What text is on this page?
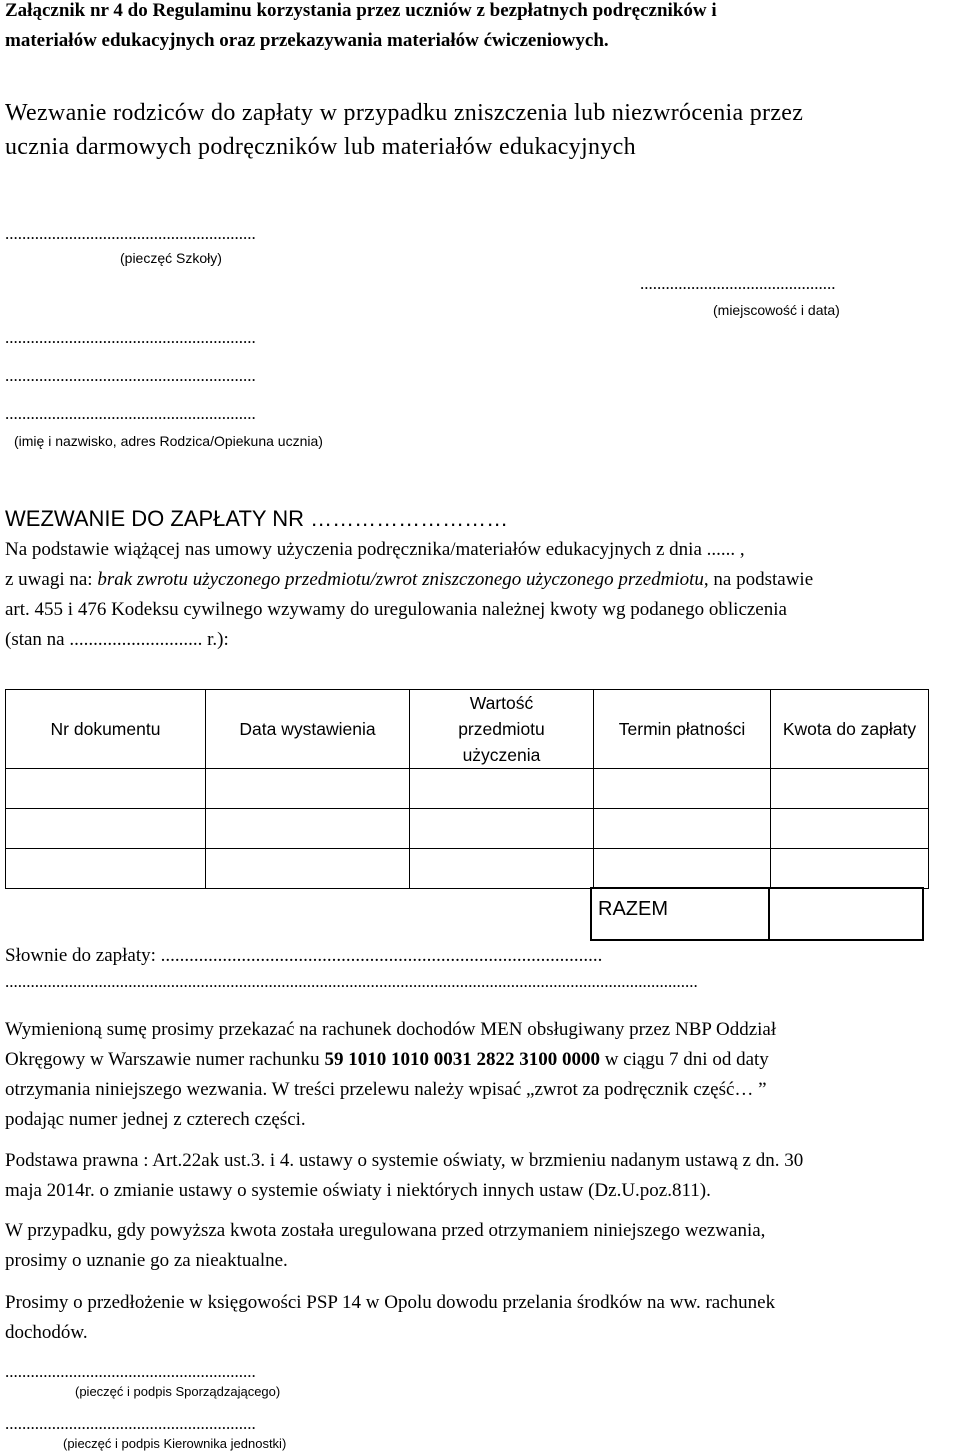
Załącznik nr 4 do Regulaminu korzystania przez uczniów z bezpłatnych podręczników i
materiałów edukacyjnych oraz przekazywania materiałów ćwiczeniowych.
Wezwanie rodziców do zapłaty w przypadku zniszczenia lub niezwrócenia przez
ucznia darmowych podręczników lub materiałów edukacyjnych
...........................................................
(pieczęć Szkoły)
..............................................
(miejscowość i data)
...........................................................
...........................................................
...........................................................
(imię i nazwisko, adres Rodzica/Opiekuna ucznia)
WEZWANIE DO ZAPŁATY NR ………………………
Na podstawie wiążącej nas umowy użyczenia podręcznika/materiałów edukacyjnych z dnia ...... ,
z uwagi na: brak zwrotu użyczonego przedmiotu/zwrot zniszczonego użyczonego przedmiotu, na podstawie
art. 455 i 476 Kodeksu cywilnego wzywamy do uregulowania należnej kwoty wg podanego obliczenia
(stan na ............................ r.):
Nr dokumentu	Data wystawienia	Wartość przedmiotu użyczenia	Termin płatności	Kwota do zapłaty

RAZEM
Słownie do zapłaty: .............................................................................................
...................................................................................................................................................................
Wymienioną sumę prosimy przekazać na rachunek dochodów MEN obsługiwany przez NBP Oddział
Okręgowy w Warszawie numer rachunku 59 1010 1010 0031 2822 3100 0000 w ciągu 7 dni od daty
otrzymania niniejszego wezwania. W treści przelewu należy wpisać „zwrot za podręcznik część… ”
podając numer jednej z czterech części.
Podstawa prawna : Art.22ak ust.3. i 4. ustawy o systemie oświaty, w brzmieniu nadanym ustawą z dn. 30
maja 2014r. o zmianie ustawy o systemie oświaty i niektórych innych ustaw (Dz.U.poz.811).
W przypadku, gdy powyższa kwota została uregulowana przed otrzymaniem niniejszego wezwania,
prosimy o uznanie go za nieaktualne.
Prosimy o przedłożenie w księgowości PSP 14 w Opolu dowodu przelania środków na ww. rachunek
dochodów.
...........................................................
(pieczęć i podpis Sporządzającego)
...........................................................
(pieczęć i podpis Kierownika jednostki)
